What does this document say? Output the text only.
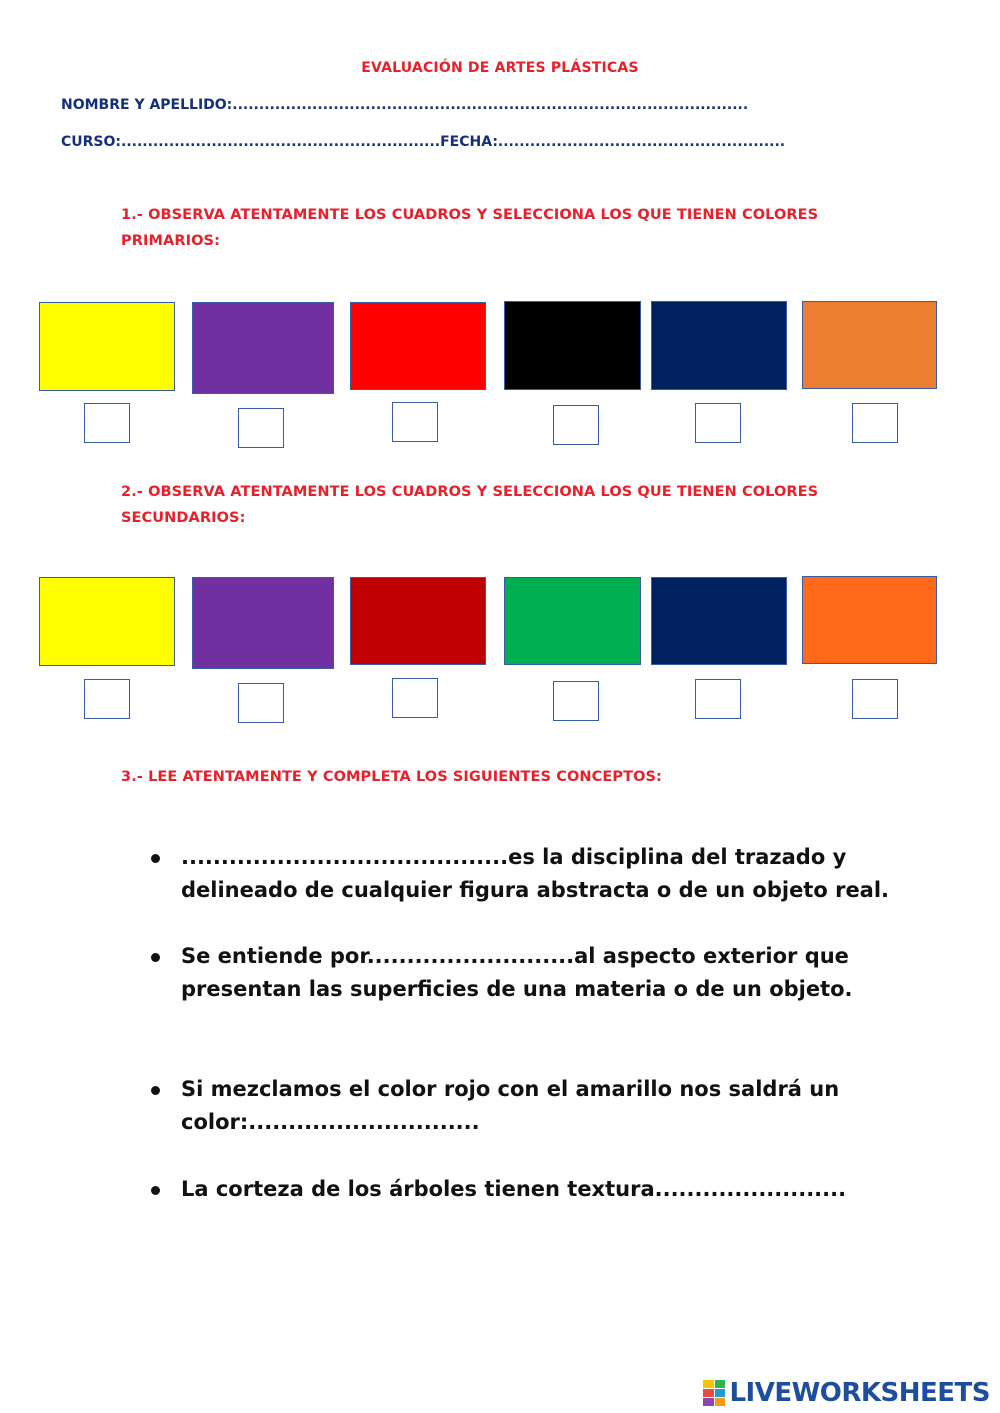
EVALUACIÓN DE ARTES PLÁSTICAS
NOMBRE Y APELLIDO:.................................................................................................
CURSO:............................................................FECHA:......................................................
1.- OBSERVA ATENTAMENTE LOS CUADROS Y SELECCIONA LOS QUE TIENEN COLORES PRIMARIOS:
2.- OBSERVA ATENTAMENTE LOS CUADROS Y SELECCIONA LOS QUE TIENEN COLORES SECUNDARIOS:
3.- LEE ATENTAMENTE Y COMPLETA LOS SIGUIENTES CONCEPTOS:
.........................................es la disciplina del trazado y delineado de cualquier figura abstracta o de un objeto real.
Se entiende por..........................al aspecto exterior que presentan las superficies de una materia o de un objeto.
Si mezclamos el color rojo con el amarillo nos saldrá un color:.............................
La corteza de los árboles tienen textura........................
LIVEWORKSHEETS
